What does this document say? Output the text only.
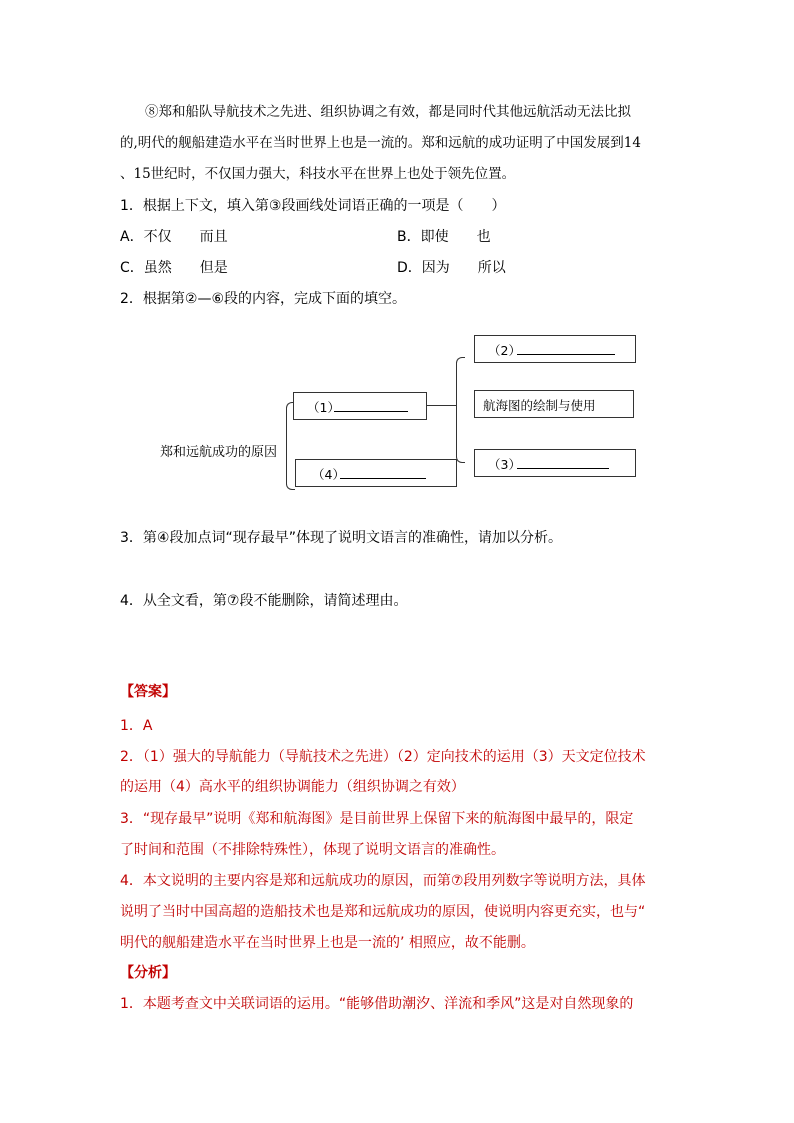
⑧郑和船队导航技术之先进、组织协调之有效，都是同时代其他远航活动无法比拟
的,明代的舰船建造水平在当时世界上也是一流的。郑和远航的成功证明了中国发展到14
、15世纪时，不仅国力强大，科技水平在世界上也处于领先位置。
1．根据上下文，填入第③段画线处词语正确的一项是（　　）
A．不仅　　而且	B．即使　　也
C．虽然　　但是	D．因为　　所以
2．根据第②—⑥段的内容，完成下面的填空。
郑和远航成功的原因
（1）
（4）
（2）
航海图的绘制与使用
（3）
3．第④段加点词“现存最早”体现了说明文语言的准确性，请加以分析。
4．从全文看，第⑦段不能删除，请简述理由。
【答案】
1．A
2．（1）强大的导航能力（导航技术之先进）（2）定向技术的运用（3）天文定位技术
的运用（4）高水平的组织协调能力（组织协调之有效）
3．“现存最早”说明《郑和航海图》是目前世界上保留下来的航海图中最早的，限定
了时间和范围（不排除特殊性），体现了说明文语言的准确性。
4．本文说明的主要内容是郑和远航成功的原因，而第⑦段用列数字等说明方法，具体
说明了当时中国高超的造船技术也是郑和远航成功的原因，使说明内容更充实，也与“
明代的舰船建造水平在当时世界上也是一流的’ 相照应，故不能删。
【分析】
1．本题考查文中关联词语的运用。“能够借助潮汐、洋流和季风”这是对自然现象的
